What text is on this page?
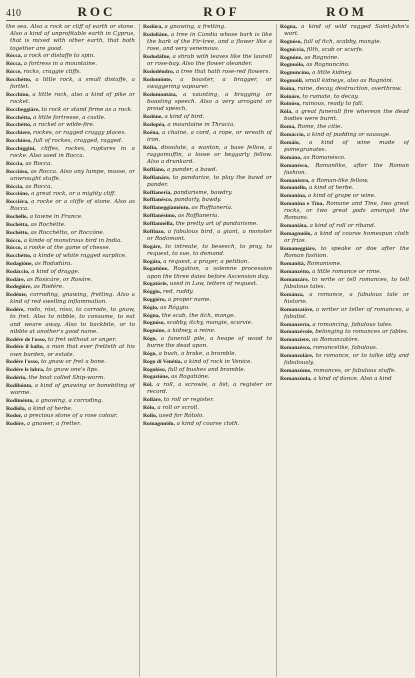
410	ROC	ROF	ROM

the sea. Also a rock or cliff of earth or stone. Also a kind of unprofitable earth in Cyprus, that is mixed with other earth, that both together are good.

Rócca, a rock or distaffe to spin.

Rócca, a fortress in a mountaine.

Rócce, rocks, craggie cliffs.

Rocchétto, a little rock, a small distaffe, a fortlet.

Rocchíno, a little rock, also a kind of pike or rocket.

Roccheggiáre, to rock or stand firme as a rock.

Rocchétta, a little fortresse, a castle.

Rocchétto, a rocket or wilde-fire.

Rocchiere, rockes, or ragged craggy places.

Rocchióso, full of rockes, cragged, ragged.

Rocchíggini, cliffes, rockes, ruptures in a rocke. Also used in Rocca.

Róccia, as Rocca.

Roccióso, as Rocca. Also any lumpe, masse, or unwrought stuffe.

Róccia, as Rocca.

Roccióne, a great rock, or a mighty cliff.

Rocciéra, a rocke or a cliffe of stone. Also as Rocca.

Rochélle, a towne in France.

Rochétta, as Rochétte.

Rochétto, as Rocchétto, or Roccóne.

Rócco, a kinde of monstrous bird in India.

Rócco, a rooke at the game of chesse.

Rocchétto, a kinde of white ragged surplice.

Rodagióne, as Rodadúra.

Rodáccio, a kind of dragge.

Rodáre, as Rosicáre, or Rosáre.

Rodegióre, as Rodére.

Rodénte, corroding, gnawing, fretting. Also a kind of red swelling inflammation.

Rodére, rodo, rósi, róso, to corrode, to gnaw, to fret. Also to nibble, to consume, to eat and weare away. Also to backbite, or to nibble at another's good name.

Rodére de l'osso, to fret without or anger.

Rodéro il baſto, a man that ever fretteth at his own burden, or estate.

Rodére l'osso, to gnaw or fret a bone.

Rodére le labra, to gnaw one's lips.

Rodério, the boat called Ship-worm.

Rodibónto, a kind of gnawing or bonebiting of worme.

Rodiménto, a gnawing, a corroding.

Rodióla, a kind of herbe.

Rodor, a precious stone of a rose colour.

Rodóre, a gnawer, a fretter.

Rodúra, a gnawing, a fretting.

Rodoliáne, a tree in Candia whose bark is like the bark of the Fir-tree, and a flower like a rose, and very venemous.

Rododáfne, a shrub with leaves like the laurell or rose-bay. Also the flower oleander.

Rododéndro, a tree that hath rose-red flowers.

Rodomónte, a boaster, a bragger, or swaggering vapourer.

Rodomontáta, a vaunting, a bragging or boasting speech. Also a very arrogant or proud speech.

Rodóne, a kind of bird.

Rodopéa, a mountaine in Thracia.

Roéna, a chaine, a cord, a rope, or wreath of iron.

Rófia, dissolute, a wanton, a base fellow, a raggamuffin, a loose or beggarly fellow. Also a drunkard.

Roffiáno, a pander, a bawd.

Roffianáre, to pandarize, to play the bawd or pander.

Roffianería, pandarisme, bawdry.

Roffianésco, pandarly, bawdy.

Roffianeggiaménto, as Roffianería.

Roffianésimo, as Roffianería.

Roffiannélla, the pretty art of pandarisme.

Roffínzo, a fabulous bird, a giant, a monster or Rodomont.

Rogáre, to intreate, to beseech, to pray, to request, to sue, to demand.

Rogáta, a request, a prayer, a petition.

Rogatióne, Rogation, a solemne procession upon the three daies before Ascension day.

Rogatórie, used in Law, letters of request.

Róggio, red, ruddy.

Roggiéro, a proper name.

Rógio, as Róggio.

Rógna, the scab, the itch, mange.

Rognóso, scabby, itchy, mangie, scurvie.

Rognóne, a kidney, a reine.

Rógo, a funerall pile, a heape of wood to burne the dead upon.

Rógo, a bush, a brake, a bramble.

Rogo di Venétia, a kind of rock in Venice.

Rogolóso, full of bushes and bramble.

Rogazióne, as Rogatióne.

Ról, a roll, a scrowle, a list, a register or record.

Rolláre, to roll or register.

Rólo, a roll or scroll.

Rollo, used for Rótolo.

Romagnuólo, a kind of coarse cloth.

Rógna, a kind of wild ragged Saint-John's wort.

Rognóso, full of itch, scabby, mangie.

Rogníccia, filth, scab or scurfe.

Rognóne, as Rognóne.

Rognuólo, as Rognuncíno.

Rognuncíno, a little kidney.

Rognuóli, small kidneys, also as Rognóni.

Roína, ruine, decay, destruction, overthrow.

Roináre, to ruinate, to decay.

Roinóso, ruinous, ready to fall.

Róla, a great funerall fire whereon the dead bodies were burnt.

Roma, Rome, the citie.

Romáccio, a kind of pudding or sausage.

Romáio, a kind of wine made of pomegranates.

Románo, as Romanésco.

Romanésco, Romanlike, after the Roman fashion.

Romanístro, a Roman-like fellow.

Romanéllo, a kind of herbe.

Romanína, a kind of grape or wine.

Romanína e Tína, Romane and Tine, two great rocks, or two great gods amongst the Romans.

Romaniáta, a kind of roll or riband.

Romagnuólo, a kind of coarse homespun cloth or frize.

Romaneggiáre, to speake or doe after the Roman fashion.

Romanítà, Romanisme.

Romanzétto, a little romance or rime.

Romanzáre, to write or tell romances, to tell fabulous tales.

Románza, a romance, a fabulous tale or historie.

Romanzatóre, a writer or teller of romances, a fabulist.

Romanzería, a romancing, fabulous tales.

Romanzévole, belonging to romances or fables.

Romanzíere, as Romanzatóre.

Romanzésco, romancelike, fabulous.

Romanzoláre, to romance, or to talke idly and fabulously.

Romanzúme, romances, or fabulous stuffe.

Romanzúola, a kind of dance. Also a kind
